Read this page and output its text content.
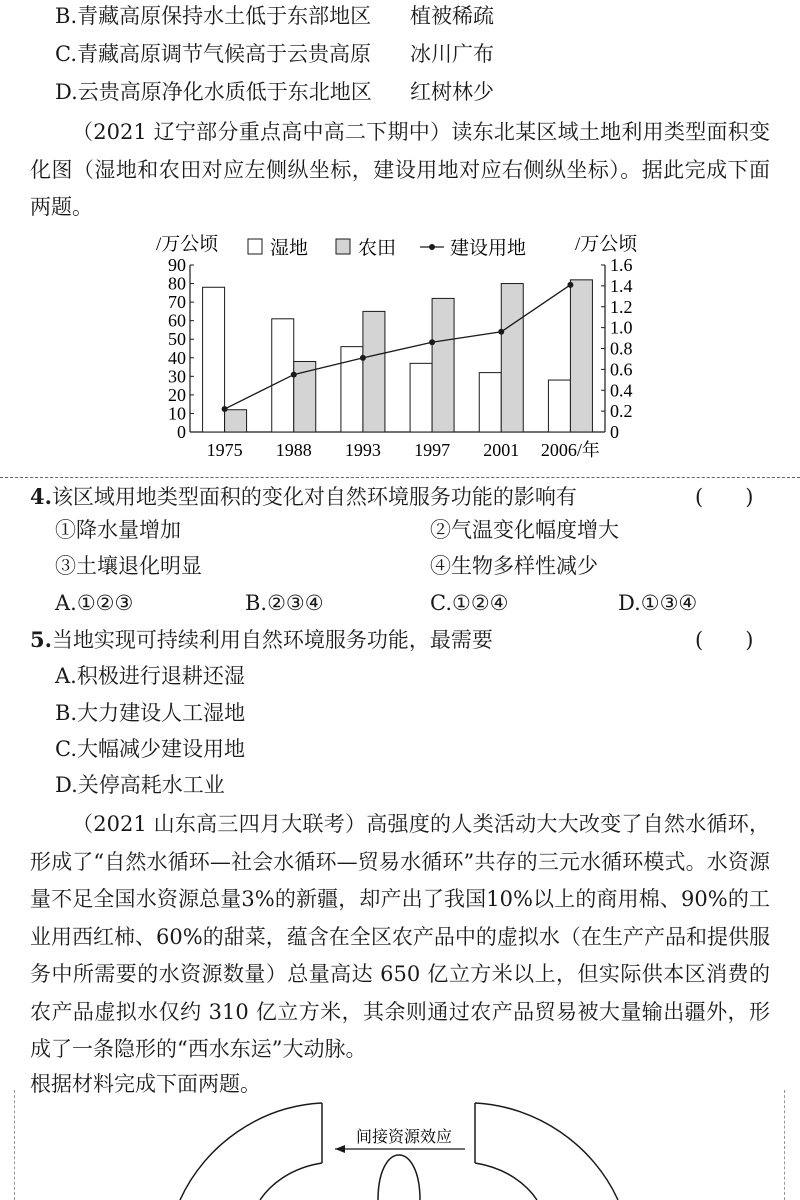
B.青藏高原保持水土低于东部地区 植被稀疏
C.青藏高原调节气候高于云贵高原 冰川广布
D.云贵高原净化水质低于东北地区 红树林少
（2021 辽宁部分重点高中高二下期中）读东北某区域土地利用类型面积变化图（湿地和农田对应左侧纵坐标，建设用地对应右侧纵坐标）。据此完成下面两题。
湿地	农田	建设用地
/万公顷	/万公顷
90
80
70
60
50
40
30
20
10
0
1.6
1.4
1.2
1.0
0.8
0.6
0.4
0.2
0
1975 1988 1993 1997 2001 2006/年
4.该区域用地类型面积的变化对自然环境服务功能的影响有	(　　)
①降水量增加	②气温变化幅度增大
③土壤退化明显	④生物多样性减少
A.①②③	B.②③④	C.①②④	D.①③④
5.当地实现可持续利用自然环境服务功能，最需要	(　　)
A.积极进行退耕还湿
B.大力建设人工湿地
C.大幅减少建设用地
D.关停高耗水工业
（2021 山东高三四月大联考）高强度的人类活动大大改变了自然水循环，形成了“自然水循环—社会水循环—贸易水循环”共存的三元水循环模式。水资源量不足全国水资源总量3%的新疆，却产出了我国10%以上的商用棉、90%的工业用西红柿、60%的甜菜，蕴含在全区农产品中的虚拟水（在生产产品和提供服务中所需要的水资源数量）总量高达 650 亿立方米以上，但实际供本区消费的农产品虚拟水仅约 310 亿立方米，其余则通过农产品贸易被大量输出疆外，形成了一条隐形的“西水东运”大动脉。
根据材料完成下面两题。
间接资源效应
